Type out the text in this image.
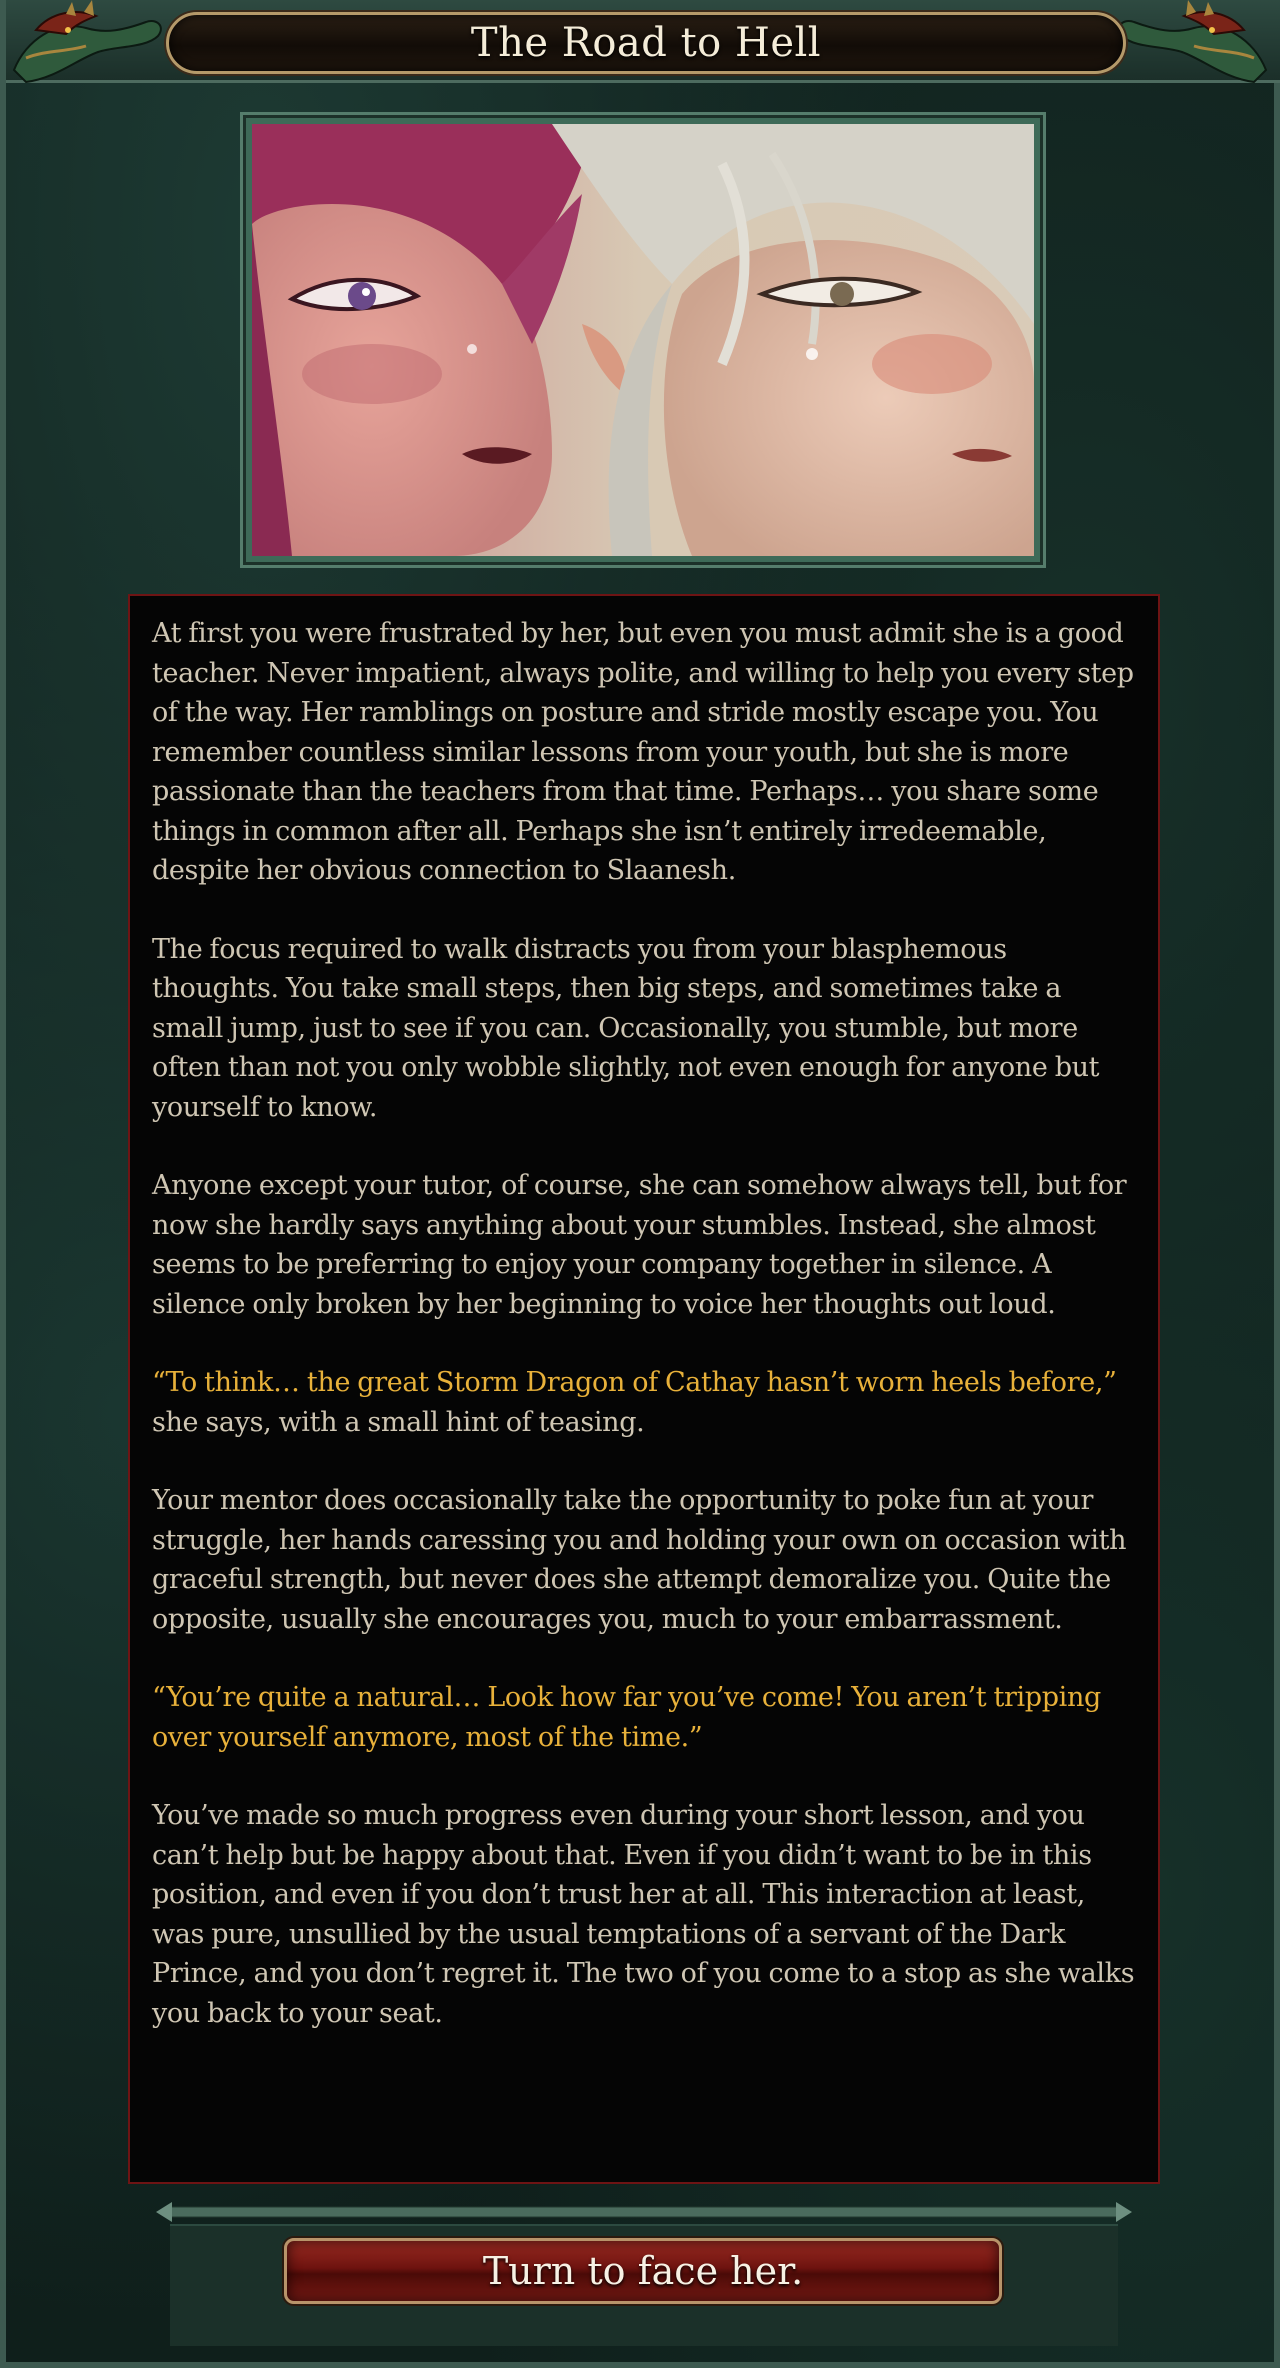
The Road to Hell

At first you were frustrated by her, but even you must admit she is a good teacher. Never impatient, always polite, and willing to help you every step of the way. Her ramblings on posture and stride mostly escape you. You remember countless similar lessons from your youth, but she is more passionate than the teachers from that time. Perhaps… you share some things in common after all. Perhaps she isn’t entirely irredeemable, despite her obvious connection to Slaanesh.

The focus required to walk distracts you from your blasphemous thoughts. You take small steps, then big steps, and sometimes take a small jump, just to see if you can. Occasionally, you stumble, but more often than not you only wobble slightly, not even enough for anyone but yourself to know.

Anyone except your tutor, of course, she can somehow always tell, but for now she hardly says anything about your stumbles. Instead, she almost seems to be preferring to enjoy your company together in silence. A silence only broken by her beginning to voice her thoughts out loud.

“To think… the great Storm Dragon of Cathay hasn’t worn heels before,” she says, with a small hint of teasing.

Your mentor does occasionally take the opportunity to poke fun at your struggle, her hands caressing you and holding your own on occasion with graceful strength, but never does she attempt demoralize you. Quite the opposite, usually she encourages you, much to your embarrassment.

“You’re quite a natural… Look how far you’ve come! You aren’t tripping over yourself anymore, most of the time.”

You’ve made so much progress even during your short lesson, and you can’t help but be happy about that. Even if you didn’t want to be in this position, and even if you don’t trust her at all. This interaction at least, was pure, unsullied by the usual temptations of a servant of the Dark Prince, and you don’t regret it. The two of you come to a stop as she walks you back to your seat.

Turn to face her.
